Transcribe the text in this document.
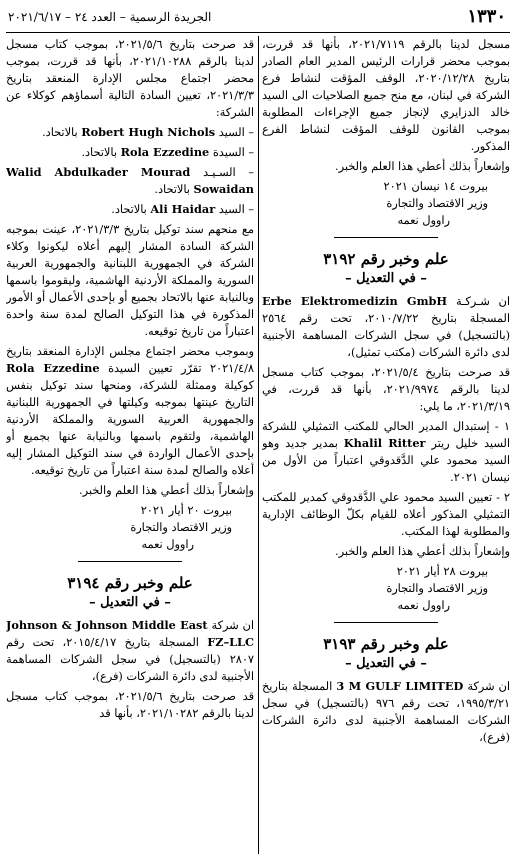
١٣٣٠
الجريدة الرسمية – العدد ٢٤ – ٢٠٢١/٦/١٧

مسجل لدينا بالرقم ٢٠٢١/٧١١٩، بأنها قد قررت، بموجب محضر قرارات الرئيس المدير العام الصادر بتاريخ ٢٠٢٠/١٢/٢٨، الوقف المؤقت لنشاط فرع الشركة في لبنان، مع منح جميع الصلاحيات الى السيد خالد الدزايري لإنجاز جميع الإجراءات المطلوبة بموجب القانون للوقف المؤقت لنشاط الفرع المذكور.

وإشعاراً بذلك أعطي هذا العلم والخبر.

بيروت ١٤ نيسان ٢٠٢١

وزير الاقتصاد والتجارة

راوول نعمه

علم وخبر رقم ٣١٩٢

– في التعديل –

ان شـركـة Erbe Elektromedizin GmbH المسجلة بتاريخ ٢٠١٠/٧/٢٢، تحت رقم ٢٥٦٤ (بالتسجيل) في سجل الشركات المساهمة الأجنبية لدى دائرة الشركات (مكتب تمثيل)،

قد صرحت بتاريخ ٢٠٢١/٥/٤، بموجب كتاب مسجل لدينا بالرقم ٢٠٢١/٩٩٧٤، بأنها قد قررت، في ٢٠٢١/٣/١٩، ما يلي:

١ - إستبدال المدير الحالي للمكتب التمثيلي للشركة السيد خليل ريتر Khalil Ritter بمدير جديد وهو السيد محمود علي الدَّقدوقي اعتباراً من الأول من نيسان ٢٠٢١.

٢ - تعيين السيد محمود علي الدَّقدوقي كمدير للمكتب التمثيلي المذكور أعلاه للقيام بكلّ الوظائف الإدارية والمطلوبة لهذا المكتب.

وإشعاراً بذلك أعطي هذا العلم والخبر.

بيروت ٢٨ أيار ٢٠٢١

وزير الاقتصاد والتجارة

راوول نعمه

علم وخبر رقم ٣١٩٣

– في التعديل –

ان شركة 3 M GULF LIMITED المسجلة بتاريخ ١٩٩٥/٣/٢١، تحت رقم ٩٧٦ (بالتسجيل) في سجل الشركات المساهمة الأجنبية لدى دائرة الشركات (فرع)،

قد صرحت بتاريخ ٢٠٢١/٥/٦، بموجب كتاب مسجل لدينا بالرقم ٢٠٢١/١٠٢٨٨، بأنها قد قررت، بموجب محضر اجتماع مجلس الإدارة المنعقد بتاريخ ٢٠٢١/٣/٣، تعيين السادة التالية أسماؤهم كوكلاء عن الشركة:

– السيد Robert Hugh Nichols بالاتحاد.

– السيدة Rola Ezzedine بالاتحاد.

– السـيـد Walid Abdulkader Mourad Sowaidan بالاتحاد.

– السيد Ali Haidar بالاتحاد.

مع منحهم سند توكيل بتاريخ ٢٠٢١/٣/٣، عينت بموجبه الشركة السادة المشار إليهم أعلاه ليكونوا وكلاء الشركة في الجمهورية اللبنانية والجمهورية العربية السورية والمملكة الأردنية الهاشمية، وليقوموا باسمها وبالنيابة عنها بالاتحاد بجميع أو بإحدى الأعمال أو الأمور المذكورة في هذا التوكيل الصالح لمدة سنة واحدة اعتباراً من تاريخ توقيعه.

وبموجب محضر اجتماع مجلس الإدارة المنعقد بتاريخ ٢٠٢١/٤/٨ تقرّر تعيين السيدة Rola Ezzedine كوكيلة وممثلة للشركة، ومنحها سند توكيل بنفس التاريخ عينتها بموجبه وكيلتها في الجمهورية اللبنانية والجمهورية العربية السورية والمملكة الأردنية الهاشمية، ولتقوم باسمها وبالنيابة عنها بجميع أو بإحدى الأعمال الواردة في سند التوكيل المشار إليه أعلاه والصالح لمدة سنة اعتباراً من تاريخ توقيعه.

وإشعاراً بذلك أعطي هذا العلم والخبر.

بيروت ٢٠ أيار ٢٠٢١

وزير الاقتصاد والتجارة

راوول نعمه

علم وخبر رقم ٣١٩٤

– في التعديل –

ان شركة Johnson & Johnson Middle East FZ–LLC المسجلة بتاريخ ٢٠١٥/٤/١٧، تحت رقم ٢٨٠٧ (بالتسجيل) في سجل الشركات المساهمة الأجنبية لدى دائرة الشركات (فرع)،

قد صرحت بتاريخ ٢٠٢١/٥/٦، بموجب كتاب مسجل لدينا بالرقم ٢٠٢١/١٠٢٨٢، بأنها قد
